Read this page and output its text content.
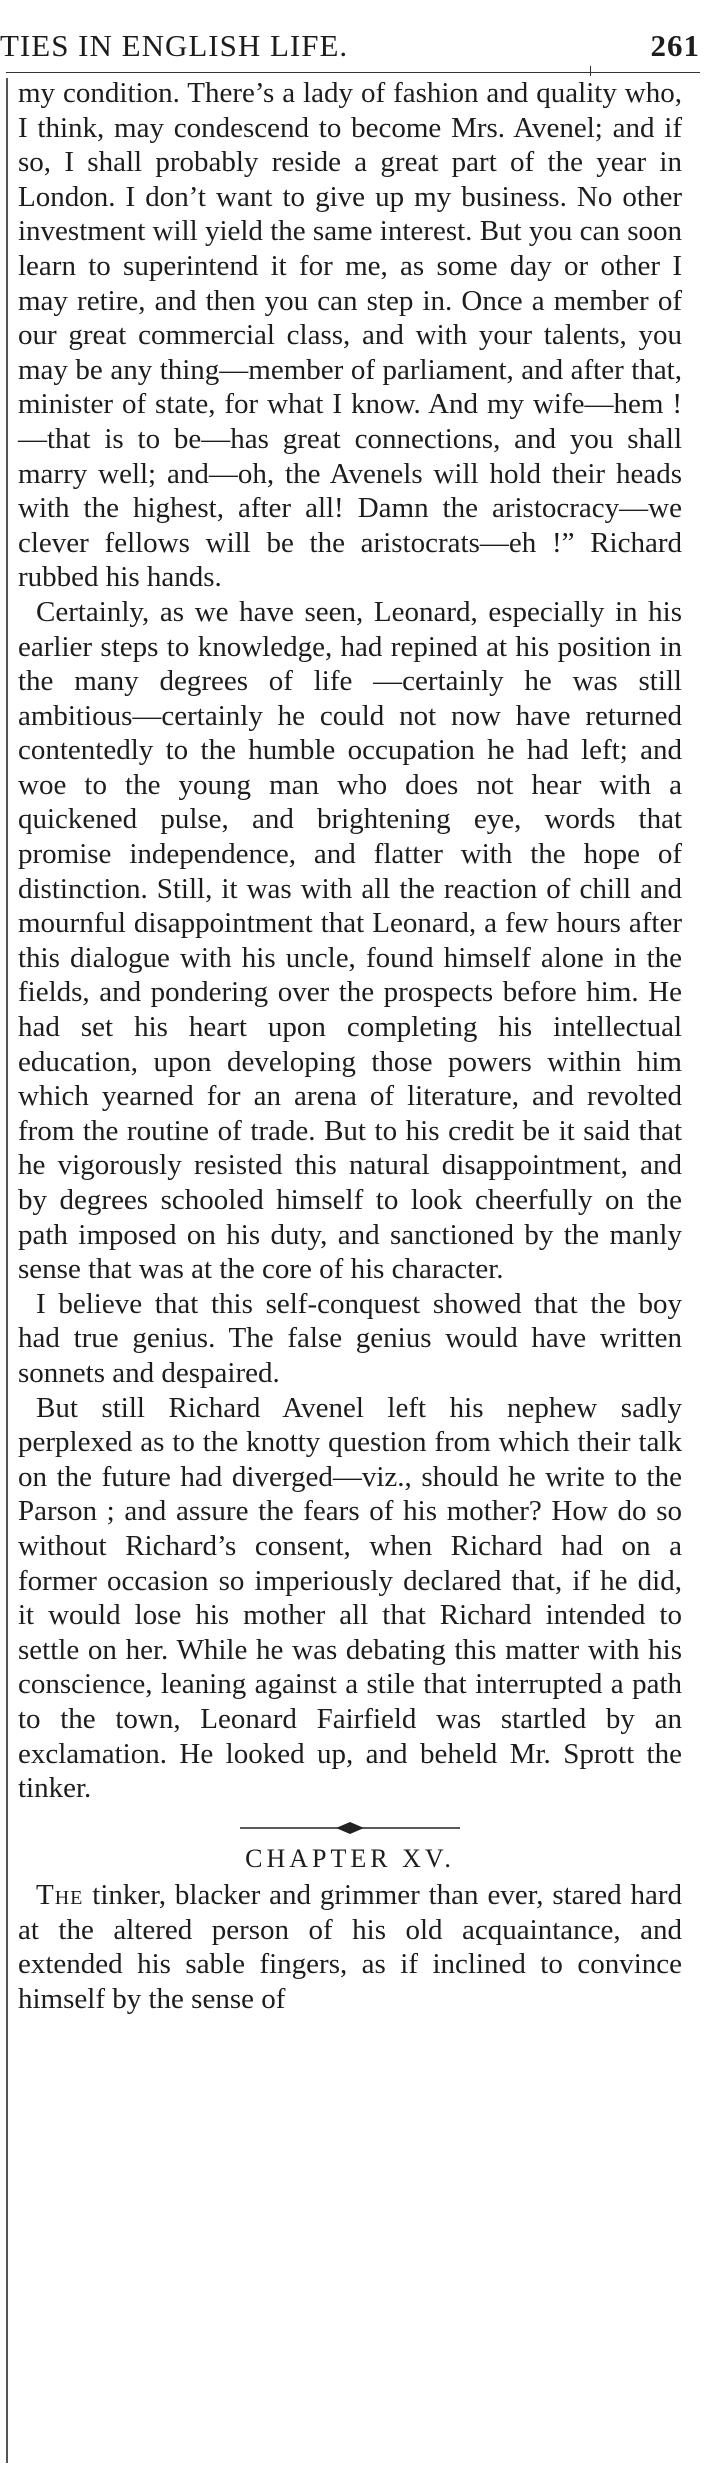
TIES IN ENGLISH LIFE.	261

my condition. There’s a lady of fashion and quality who, I think, may condescend to become Mrs. Avenel; and if so, I shall probably reside a great part of the year in London. I don’t want to give up my business. No other investment will yield the same interest. But you can soon learn to superintend it for me, as some day or other I may retire, and then you can step in. Once a member of our great commercial class, and with your talents, you may be any thing—member of parliament, and after that, minister of state, for what I know. And my wife—hem !—that is to be—has great connections, and you shall marry well; and—oh, the Avenels will hold their heads with the highest, after all! Damn the aristocracy—we clever fellows will be the aristocrats—eh !” Richard rubbed his hands.

Certainly, as we have seen, Leonard, especially in his earlier steps to knowledge, had repined at his position in the many degrees of life —certainly he was still ambitious—certainly he could not now have returned contentedly to the humble occupation he had left; and woe to the young man who does not hear with a quickened pulse, and brightening eye, words that promise independence, and flatter with the hope of distinction. Still, it was with all the reaction of chill and mournful disappointment that Leonard, a few hours after this dialogue with his uncle, found himself alone in the fields, and pondering over the prospects before him. He had set his heart upon completing his intellectual education, upon developing those powers within him which yearned for an arena of literature, and revolted from the routine of trade. But to his credit be it said that he vigorously resisted this natural disappointment, and by degrees schooled himself to look cheerfully on the path imposed on his duty, and sanctioned by the manly sense that was at the core of his character.

I believe that this self-conquest showed that the boy had true genius. The false genius would have written sonnets and despaired.

But still Richard Avenel left his nephew sadly perplexed as to the knotty question from which their talk on the future had diverged—viz., should he write to the Parson ; and assure the fears of his mother? How do so without Richard’s consent, when Richard had on a former occasion so imperiously declared that, if he did, it would lose his mother all that Richard intended to settle on her. While he was debating this matter with his conscience, leaning against a stile that interrupted a path to the town, Leonard Fairfield was startled by an exclamation. He looked up, and beheld Mr. Sprott the tinker.

CHAPTER XV.

The tinker, blacker and grimmer than ever, stared hard at the altered person of his old acquaintance, and extended his sable fingers, as if inclined to convince himself by the sense of
